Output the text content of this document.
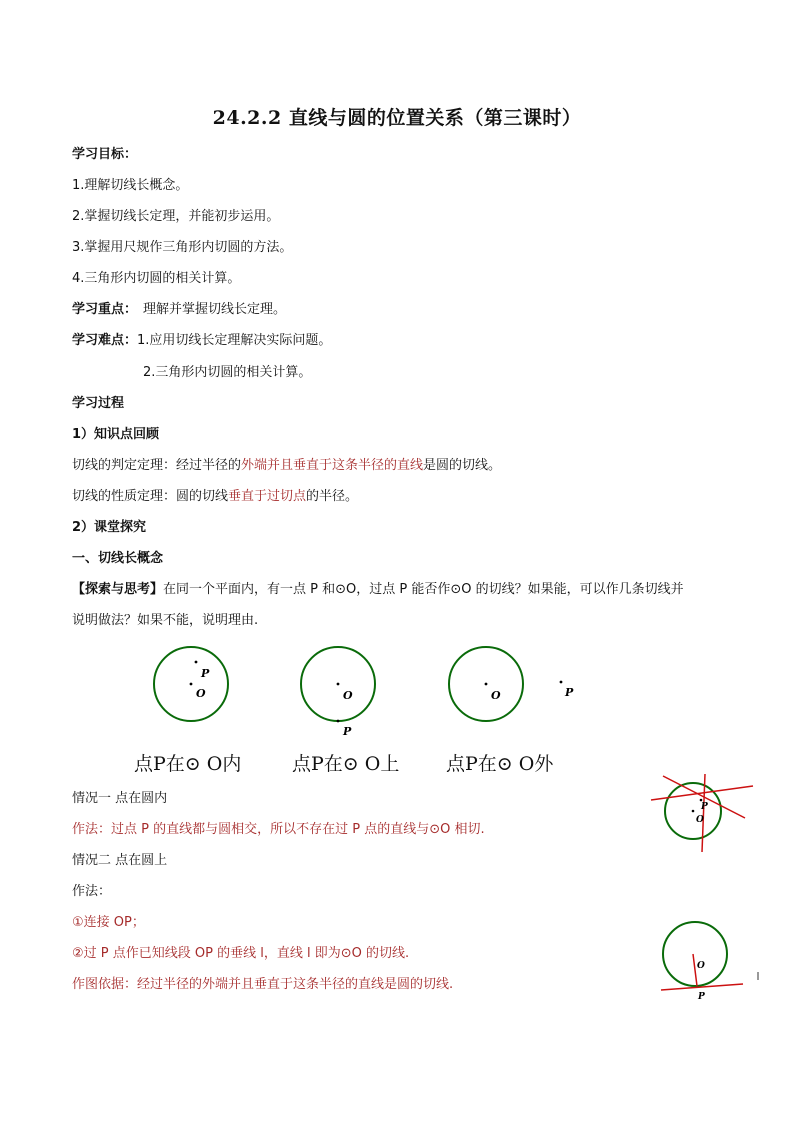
24.2.2 直线与圆的位置关系（第三课时）
学习目标：
1.理解切线长概念。
2.掌握切线长定理，并能初步运用。
3.掌握用尺规作三角形内切圆的方法。
4.三角形内切圆的相关计算。
学习重点： 理解并掌握切线长定理。
学习难点：1.应用切线长定理解决实际问题。
2.三角形内切圆的相关计算。
学习过程
1）知识点回顾
切线的判定定理：经过半径的外端并且垂直于这条半径的直线是圆的切线。
切线的性质定理：圆的切线垂直于过切点的半径。
2）课堂探究
一、切线长概念
【探索与思考】在同一个平面内，有一点 P 和⊙O，过点 P 能否作⊙O 的切线？如果能，可以作几条切线并
说明做法？如果不能，说明理由.
P
O	O
P
O	P
点P在⊙ O内	点P在⊙ O上 点P在⊙ O外
情况一 点在圆内
作法：过点 P 的直线都与圆相交，所以不存在过 P 点的直线与⊙O 相切.
P
O
情况二 点在圆上
作法：
①连接 OP；
②过 P 点作已知线段 OP 的垂线 l，直线 l 即为⊙O 的切线.
作图依据：经过半径的外端并且垂直于这条半径的直线是圆的切线.
O
P
